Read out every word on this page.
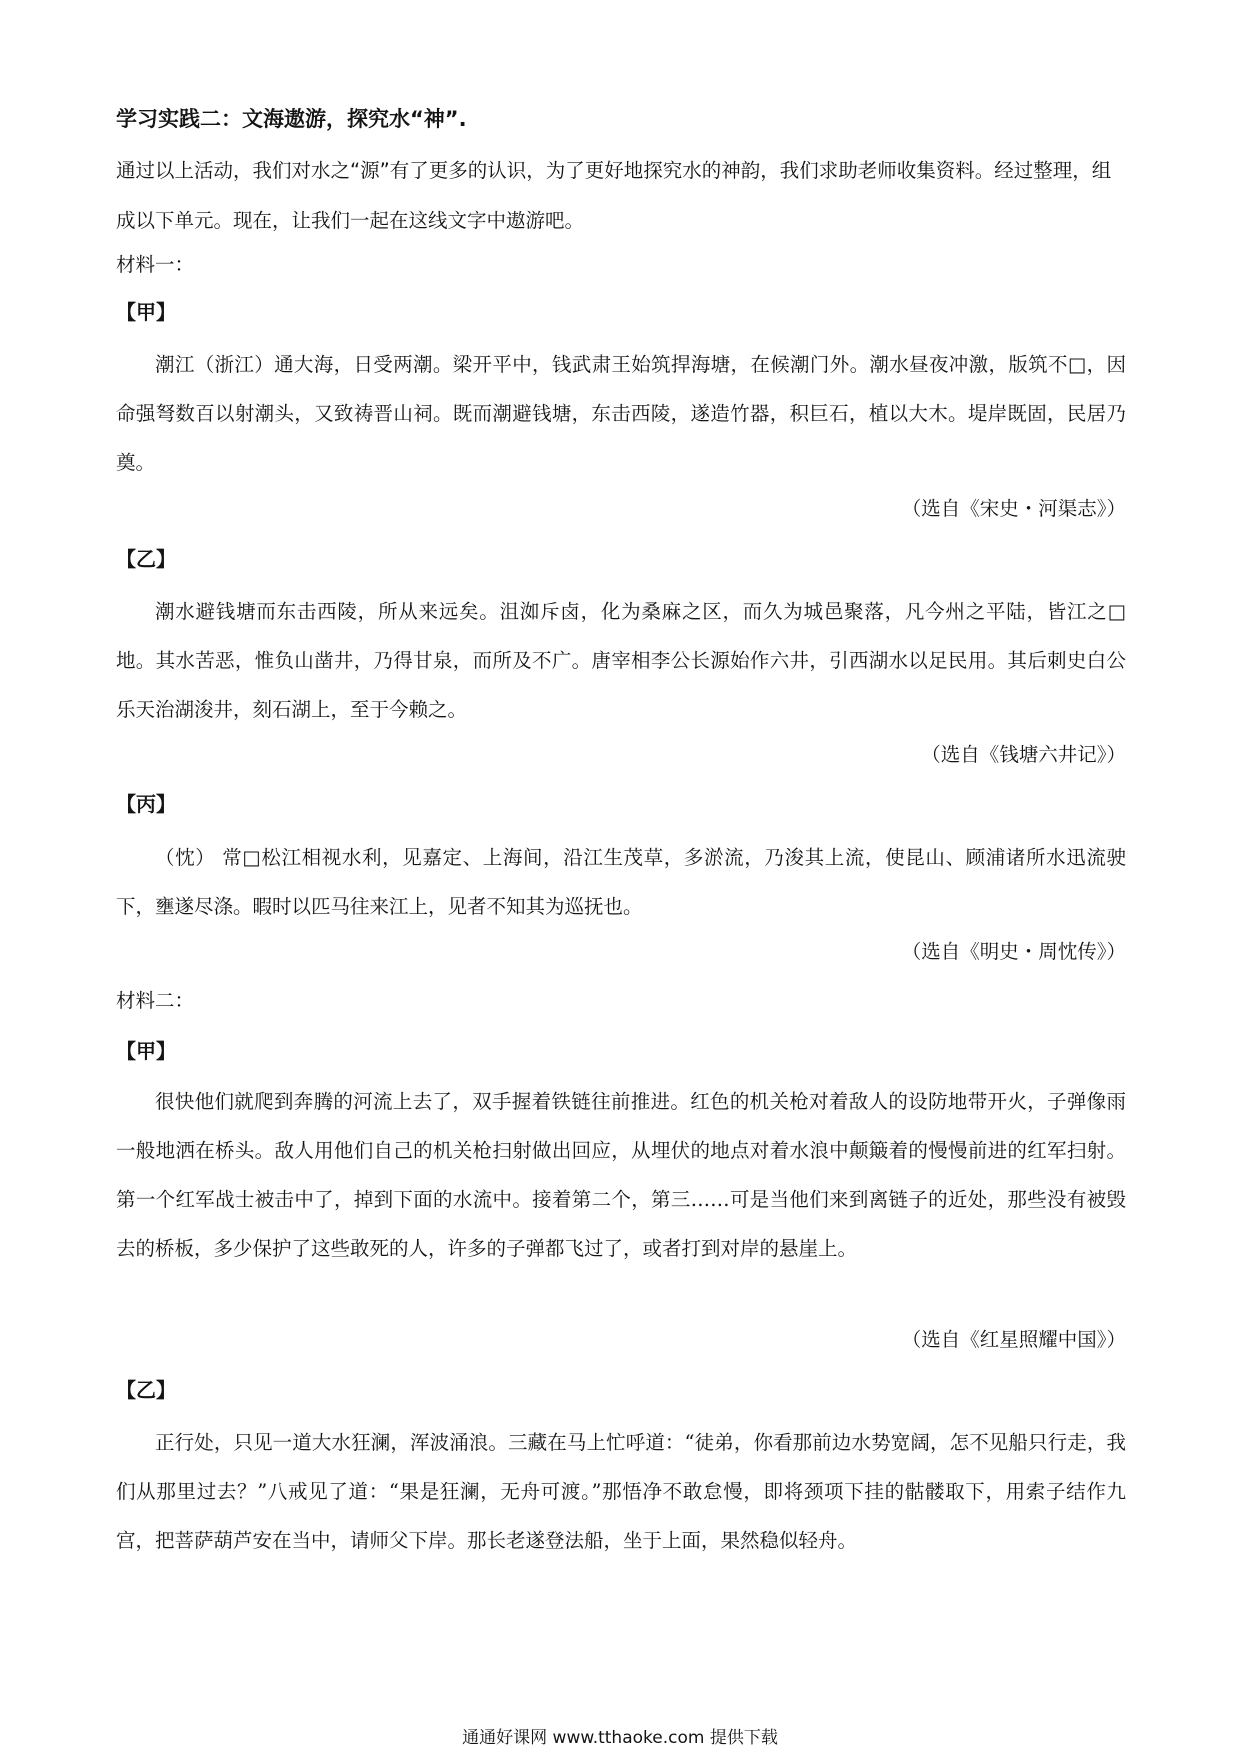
学习实践二：文海遨游，探究水“神”.

通过以上活动，我们对水之“源”有了更多的认识，为了更好地探究水的神韵，我们求助老师收集资料。经过整理，组成以下单元。现在，让我们一起在这线文字中遨游吧。

材料一：
【甲】

潮江（浙江）通大海，日受两潮。梁开平中，钱武肃王始筑捍海塘，在候潮门外。潮水昼夜冲激，版筑不□，因命强弩数百以射潮头，又致祷晋山祠。既而潮避钱塘，东击西陵，遂造竹器，积巨石，植以大木。堤岸既固，民居乃奠。

（选自《宋史・河渠志》）
【乙】

潮水避钱塘而东击西陵，所从来远矣。沮洳斥卤，化为桑麻之区，而久为城邑聚落，凡今州之平陆，皆江之□地。其水苦恶，惟负山凿井，乃得甘泉，而所及不广。唐宰相李公长源始作六井，引西湖水以足民用。其后刺史白公乐天治湖浚井，刻石湖上，至于今赖之。

（选自《钱塘六井记》）
【丙】

（忱） 常□松江相视水利，见嘉定、上海间，沿江生茂草，多淤流，乃浚其上流，使昆山、顾浦诸所水迅流驶下，壅遂尽涤。暇时以匹马往来江上，见者不知其为巡抚也。

（选自《明史・周忱传》）
材料二：
【甲】

很快他们就爬到奔腾的河流上去了，双手握着铁链往前推进。红色的机关枪对着敌人的设防地带开火，子弹像雨一般地洒在桥头。敌人用他们自己的机关枪扫射做出回应，从埋伏的地点对着水浪中颠簸着的慢慢前进的红军扫射。第一个红军战士被击中了，掉到下面的水流中。接着第二个，第三……可是当他们来到离链子的近处，那些没有被毁去的桥板，多少保护了这些敢死的人，许多的子弹都飞过了，或者打到对岸的悬崖上。

（选自《红星照耀中国》）
【乙】

正行处，只见一道大水狂澜，浑波涌浪。三藏在马上忙呼道：“徒弟，你看那前边水势宽阔，怎不见船只行走，我们从那里过去？”八戒见了道：“果是狂澜，无舟可渡。”那悟净不敢怠慢，即将颈项下挂的骷髅取下，用索子结作九宫，把菩萨葫芦安在当中，请师父下岸。那长老遂登法船，坐于上面，果然稳似轻舟。

通通好课网 www.tthaoke.com 提供下载
